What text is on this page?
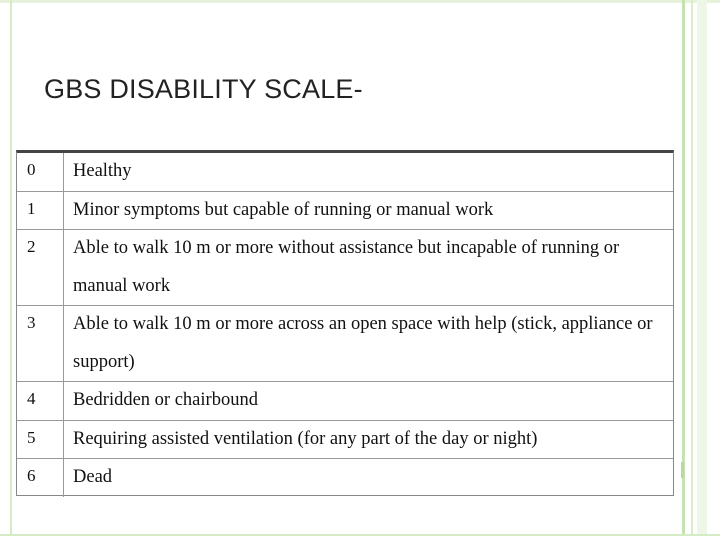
GBS DISABILITY SCALE-
0	Healthy
1	Minor symptoms but capable of running or manual work
2	Able to walk 10 m or more without assistance but incapable of running or manual work
3	Able to walk 10 m or more across an open space with help (stick, appliance or support)
4	Bedridden or chairbound
5	Requiring assisted ventilation (for any part of the day or night)
6	Dead
